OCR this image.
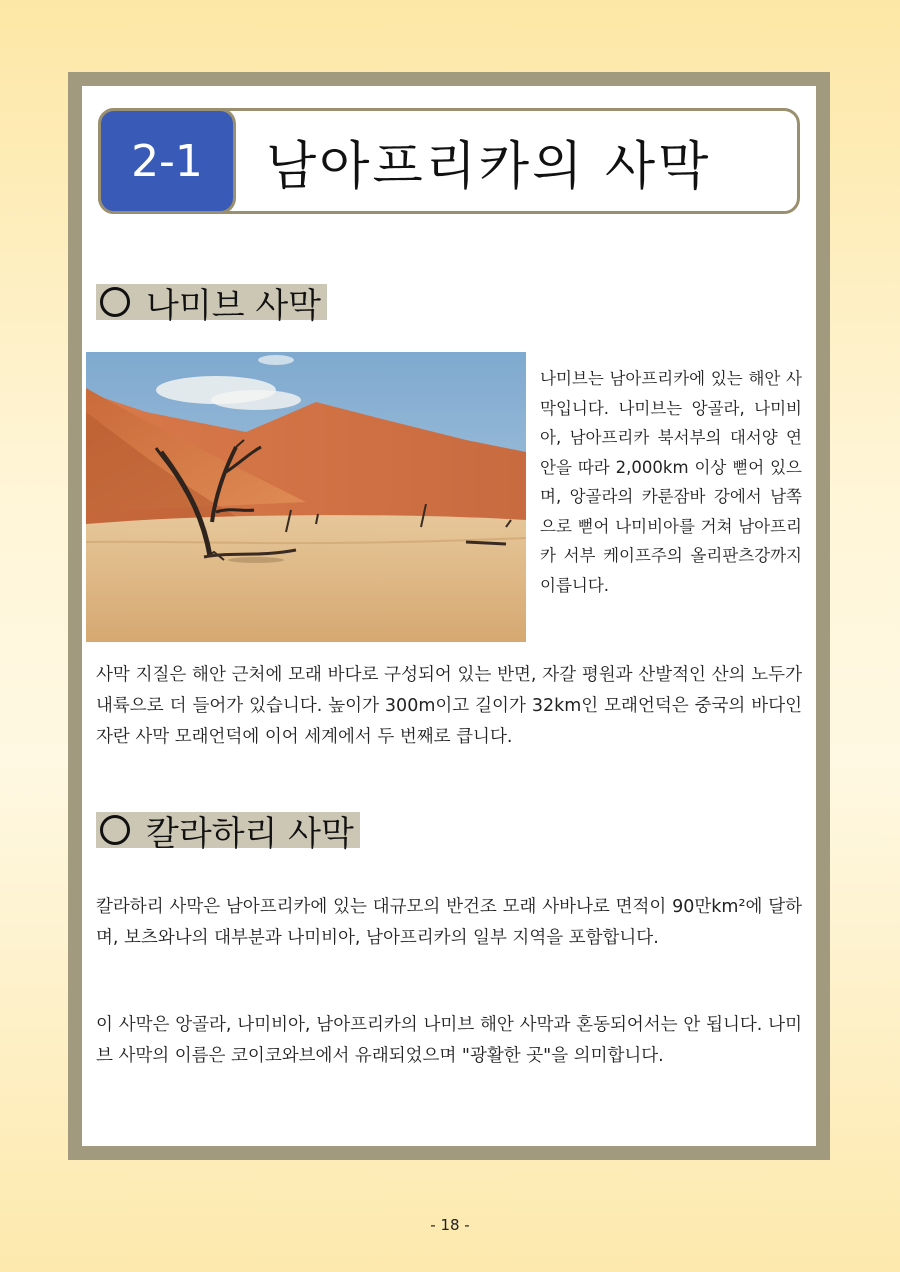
2-1	남아프리카의 사막
나미브 사막
나미브는 남아프리카에 있는 해안 사막입니다. 나미브는 앙골라, 나미비아, 남아프리카 북서부의 대서양 연안을 따라 2,000km 이상 뻗어 있으며, 앙골라의 카룬잠바 강에서 남쪽으로 뻗어 나미비아를 거쳐 남아프리카 서부 케이프주의 올리판츠강까지 이릅니다.
사막 지질은 해안 근처에 모래 바다로 구성되어 있는 반면, 자갈 평원과 산발적인 산의 노두가 내륙으로 더 들어가 있습니다. 높이가 300m이고 길이가 32km인 모래언덕은 중국의 바다인 자란 사막 모래언덕에 이어 세계에서 두 번째로 큽니다.
칼라하리 사막
칼라하리 사막은 남아프리카에 있는 대규모의 반건조 모래 사바나로 면적이 90만km²에 달하며, 보츠와나의 대부분과 나미비아, 남아프리카의 일부 지역을 포함합니다.
이 사막은 앙골라, 나미비아, 남아프리카의 나미브 해안 사막과 혼동되어서는 안 됩니다. 나미브 사막의 이름은 코이코와브에서 유래되었으며 "광활한 곳"을 의미합니다.
- 18 -
